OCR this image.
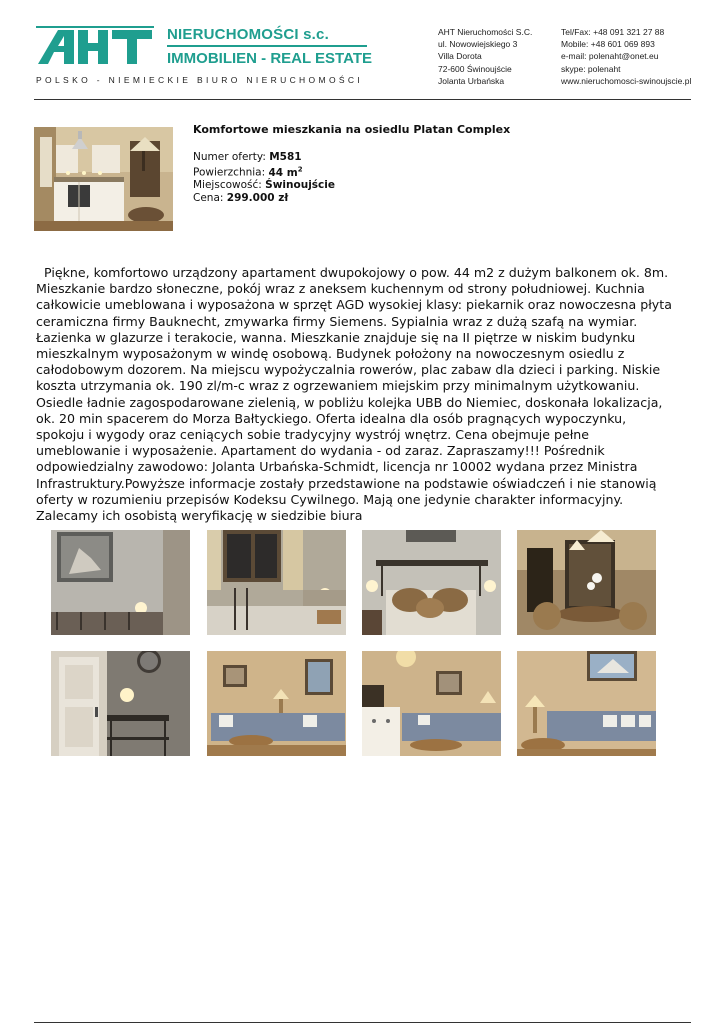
NIERUCHOMOŚCI s.c.
IMMOBILIEN - REAL ESTATE
POLSKO - NIEMIECKIE BIURO NIERUCHOMOŚCI
AHT Nieruchomości S.C.
ul. Nowowiejskiego 3
Villa Dorota
72-600 Świnoujście
Jolanta Urbańska
Tel/Fax: +48 091 321 27 88
Mobile: +48 601 069 893
e-mail: polenaht@onet.eu
skype: polenaht
www.nieruchomosci-swinoujscie.pl
Komfortowe mieszkania na osiedlu Platan Complex
Numer oferty: M581
Powierzchnia: 44 $m^2$
Miejscowość: Świnoujście
Cena: 299.000 zł
Piękne, komfortowo urządzony apartament dwupokojowy o pow. 44 m2 z dużym balkonem ok. 8m. Mieszkanie bardzo słoneczne, pokój wraz z aneksem kuchennym od strony południowej. Kuchnia całkowicie umeblowana i wyposażona w sprzęt AGD wysokiej klasy: piekarnik oraz nowoczesna płyta ceramiczna firmy Bauknecht, zmywarka firmy Siemens. Sypialnia wraz z dużą szafą na wymiar. Łazienka w glazurze i terakocie, wanna. Mieszkanie znajduje się na II piętrze w niskim budynku mieszkalnym wyposażonym w windę osobową. Budynek położony na nowoczesnym osiedlu z całodobowym dozorem. Na miejscu wypożyczalnia rowerów, plac zabaw dla dzieci i parking. Niskie koszta utrzymania ok. 190 zl/m-c wraz z ogrzewaniem miejskim przy minimalnym użytkowaniu. Osiedle ładnie zagospodarowane zielenią, w pobliżu kolejka UBB do Niemiec, doskonała lokalizacja, ok. 20 min spacerem do Morza Bałtyckiego. Oferta idealna dla osób pragnących wypoczynku, spokoju i wygody oraz ceniących sobie tradycyjny wystrój wnętrz. Cena obejmuje pełne umeblowanie i wyposażenie. Apartament do wydania - od zaraz. Zapraszamy!!! Pośrednik odpowiedzialny zawodowo: Jolanta Urbańska-Schmidt, licencja nr 10002 wydana przez Ministra Infrastruktury.Powyższe informacje zostały przedstawione na podstawie oświadczeń i nie stanowią oferty w rozumieniu przepisów Kodeksu Cywilnego. Mają one jedynie charakter informacyjny. Zalecamy ich osobistą weryfikację w siedzibie biura
